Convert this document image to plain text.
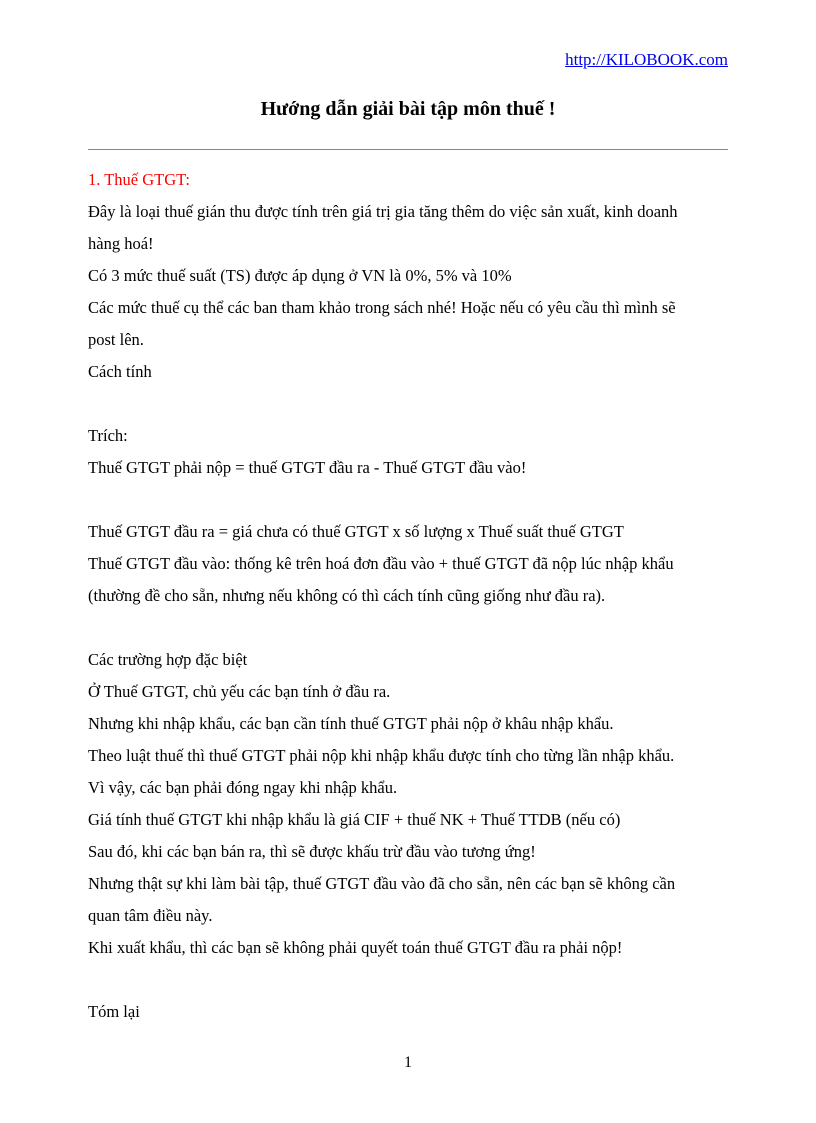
http://KILOBOOK.com
Hướng dẫn giải bài tập môn thuế !

1. Thuế GTGT:

Đây là loại thuế gián thu được tính trên giá trị gia tăng thêm do việc sản xuất, kinh doanh

hàng hoá!

Có 3 mức thuế suất (TS) được áp dụng ở VN là 0%, 5% và 10%

Các mức thuế cụ thể các ban tham khảo trong sách nhé! Hoặc nếu có yêu cầu thì mình sẽ

post lên.

Cách tính

Trích:

Thuế GTGT phải nộp = thuế GTGT đầu ra - Thuế GTGT đầu vào!

Thuế GTGT đầu ra = giá chưa có thuế GTGT x số lượng x Thuế suất thuế GTGT

Thuế GTGT đầu vào: thống kê trên hoá đơn đầu vào + thuế GTGT đã nộp lúc nhập khẩu

(thường đề cho sẵn, nhưng nếu không có thì cách tính cũng giống như đầu ra).

Các trường hợp đặc biệt

Ở Thuế GTGT, chủ yếu các bạn tính ở đầu ra.

Nhưng khi nhập khẩu, các bạn cần tính thuế GTGT phải nộp ở khâu nhập khẩu.

Theo luật thuế thì thuế GTGT phải nộp khi nhập khẩu được tính cho từng lần nhập khẩu.

Vì vậy, các bạn phải đóng ngay khi nhập khẩu.

Giá tính thuế GTGT khi nhập khẩu là giá CIF + thuế NK + Thuế TTDB (nếu có)

Sau đó, khi các bạn bán ra, thì sẽ được khấu trừ đầu vào tương ứng!

Nhưng thật sự khi làm bài tập, thuế GTGT đầu vào đã cho sẵn, nên các bạn sẽ không cần

quan tâm điều này.

Khi xuất khẩu, thì các bạn sẽ không phải quyết toán thuế GTGT đầu ra phải nộp!

Tóm lại

1
